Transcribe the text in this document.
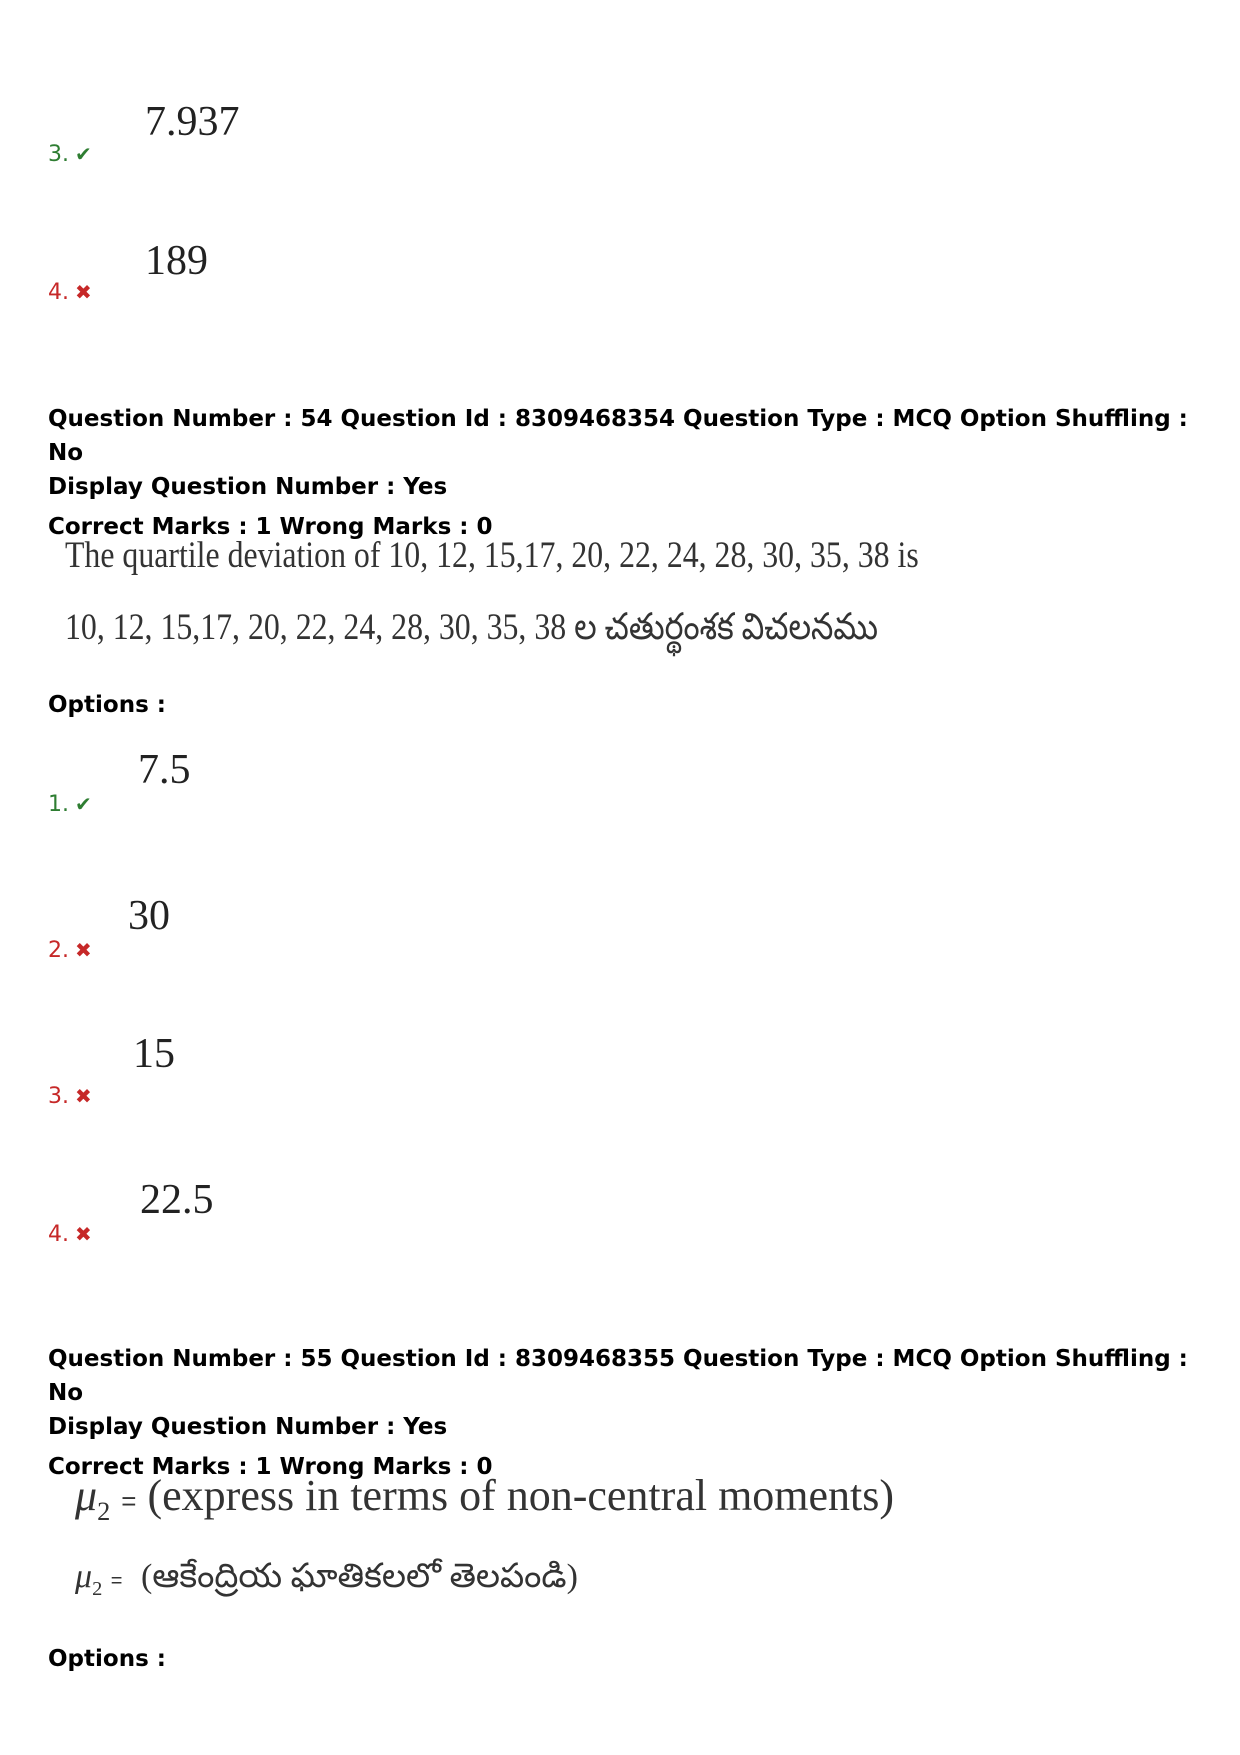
7.937
3. ✔
189
4. ✖
Question Number : 54 Question Id : 8309468354 Question Type : MCQ Option Shuffling : No
Display Question Number : Yes
Correct Marks : 1 Wrong Marks : 0
The quartile deviation of 10, 12, 15,17, 20, 22, 24, 28, 30, 35, 38 is
10, 12, 15,17, 20, 22, 24, 28, 30, 35, 38 ల చతుర్థంశక విచలనము
Options :
7.5
1. ✔
30
2. ✖
15
3. ✖
22.5
4. ✖
Question Number : 55 Question Id : 8309468355 Question Type : MCQ Option Shuffling : No
Display Question Number : Yes
Correct Marks : 1 Wrong Marks : 0
$\mu_2$ = (express in terms of non-central moments)
$\mu_2$ = (ఆకేంద్రియ ఘాతికలలో తెలపండి)
Options :
